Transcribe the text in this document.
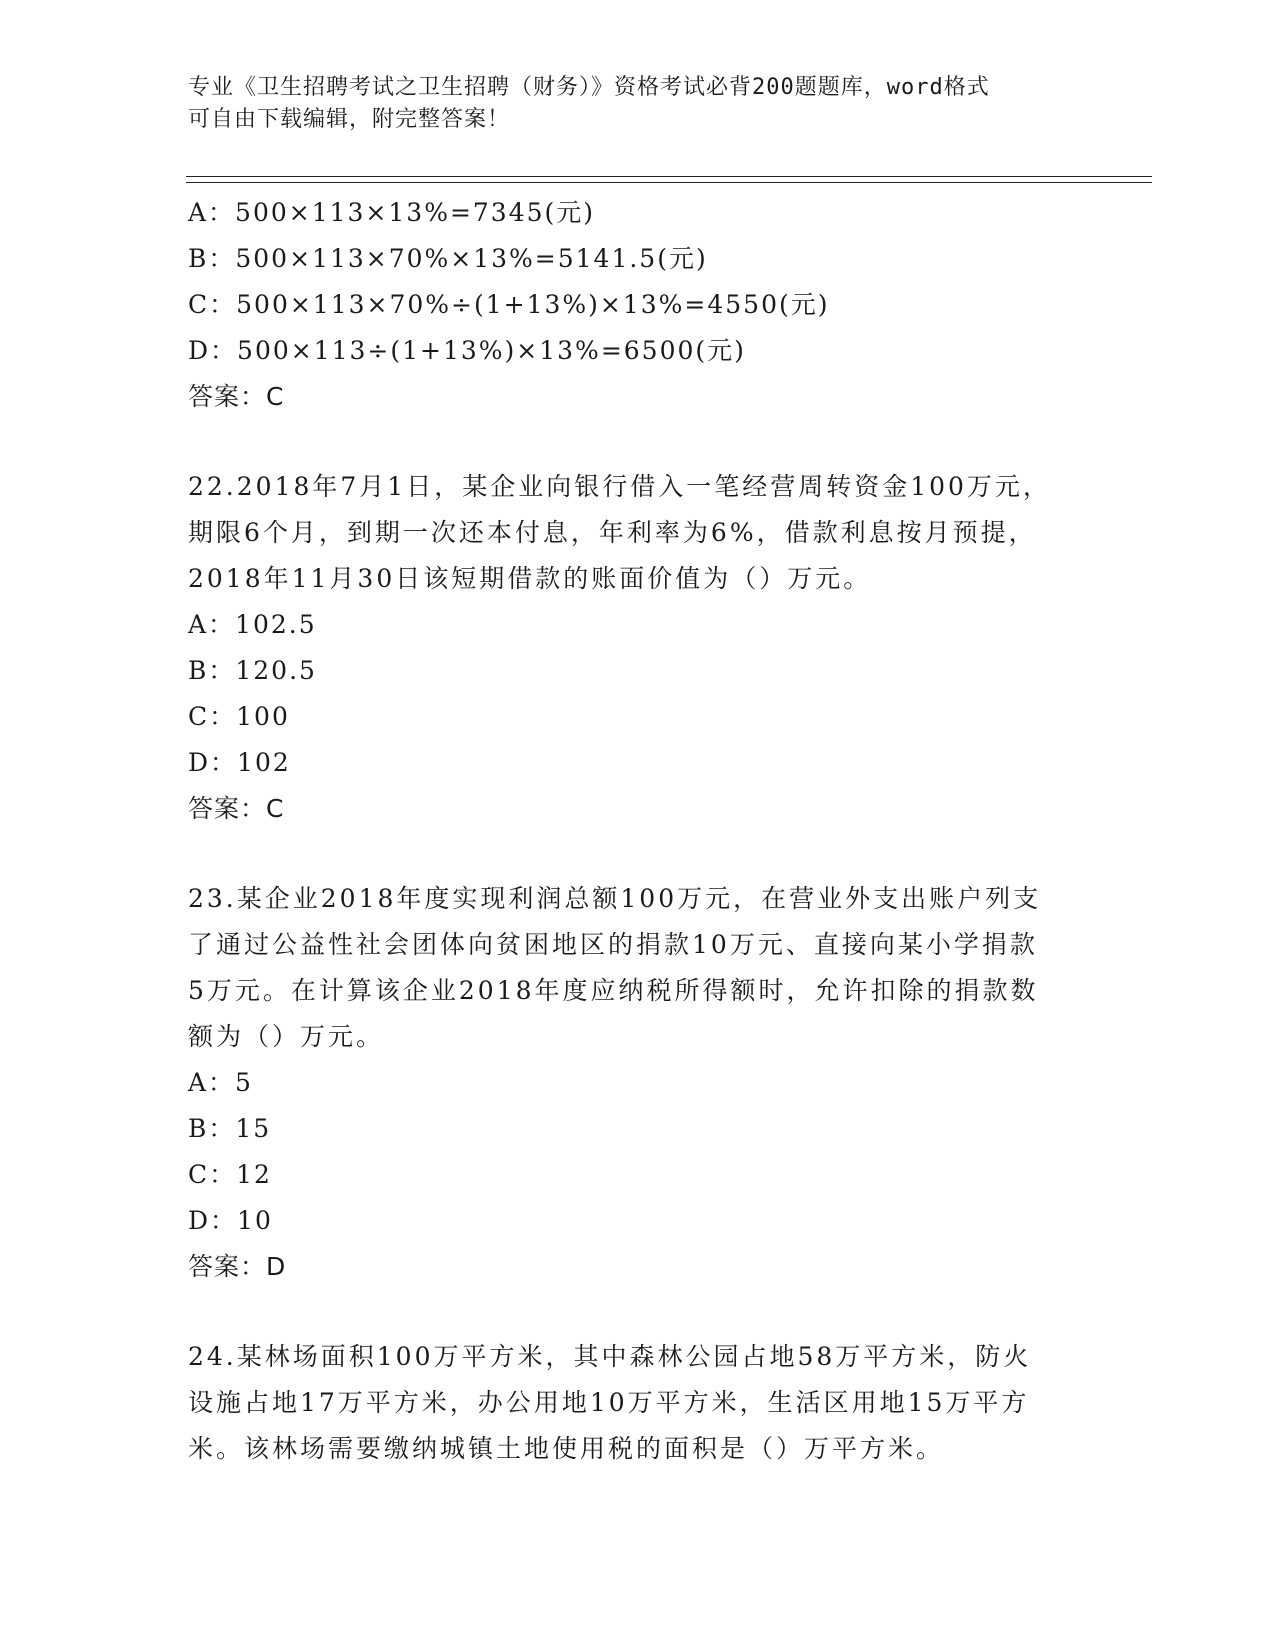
专业《卫生招聘考试之卫生招聘（财务）》资格考试必背200题题库，word格式
可自由下载编辑，附完整答案！
A：500×113×13%=7345(元)
B：500×113×70%×13%=5141.5(元)
C：500×113×70%÷(1+13%)×13%=4550(元)
D：500×113÷(1+13%)×13%=6500(元)
答案：C
22.2018年7月1日，某企业向银行借入一笔经营周转资金100万元，
期限6个月，到期一次还本付息，年利率为6%，借款利息按月预提，
2018年11月30日该短期借款的账面价值为（）万元。
A：102.5
B：120.5
C：100
D：102
答案：C
23.某企业2018年度实现利润总额100万元，在营业外支出账户列支
了通过公益性社会团体向贫困地区的捐款10万元、直接向某小学捐款
5万元。在计算该企业2018年度应纳税所得额时，允许扣除的捐款数
额为（）万元。
A：5
B：15
C：12
D：10
答案：D
24.某林场面积100万平方米，其中森林公园占地58万平方米，防火
设施占地17万平方米，办公用地10万平方米，生活区用地15万平方
米。该林场需要缴纳城镇土地使用税的面积是（）万平方米。
